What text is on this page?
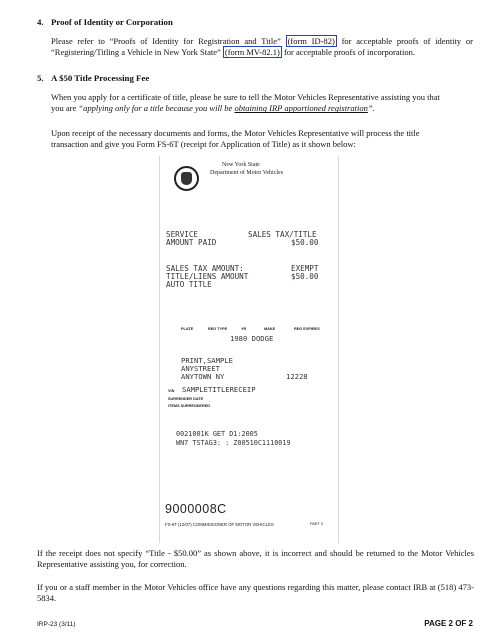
4. Proof of Identity or Corporation
Please refer to “Proofs of Identity for Registration and Title” (form ID-82) for acceptable proofs of identity or “Registering/Titling a Vehicle in New York State” (form MV-82.1) for acceptable proofs of incorporation.
5. A $50 Title Processing Fee
When you apply for a certificate of title, please be sure to tell the Motor Vehicles Representative assisting you that
you are “applying only for a title because you will be obtaining IRP apportioned registration”.
Upon receipt of the necessary documents and forms, the Motor Vehicles Representative will process the title
transaction and give you Form FS-6T (receipt for Application of Title) as it shown below:
New York State
Department of Motor Vehicles
SERVICE	SALES TAX/TITLE
AMOUNT PAID	$50.00
SALES TAX AMOUNT:	EXEMPT
TITLE/LIENS AMOUNT	$50.00
AUTO TITLE
PLATE	REG TYPE	YR	MAKE	REG EXPIRES
1980 DODGE
PRINT,SAMPLE
ANYSTREET
ANYTOWN NY	12228
VIN SAMPLETITLERECEIP
SURRENDER DATE
ITEMS SURRENDERED
0021001K GET D1:2005
WN7 TSTAG3: : Z00510C1110019
9000008C
FS-6T (12/07) COMMISSIONER OF MOTOR VEHICLES	PART 3
If the receipt does not specify “Title - $50.00” as shown above, it is incorrect and should be returned to the Motor Vehicles Representative assisting you, for correction.
If you or a staff member in the Motor Vehicles office have any questions regarding this matter, please contact IRB at (518) 473-5834.
IRP-23 (3/11)	PAGE 2 OF 2
